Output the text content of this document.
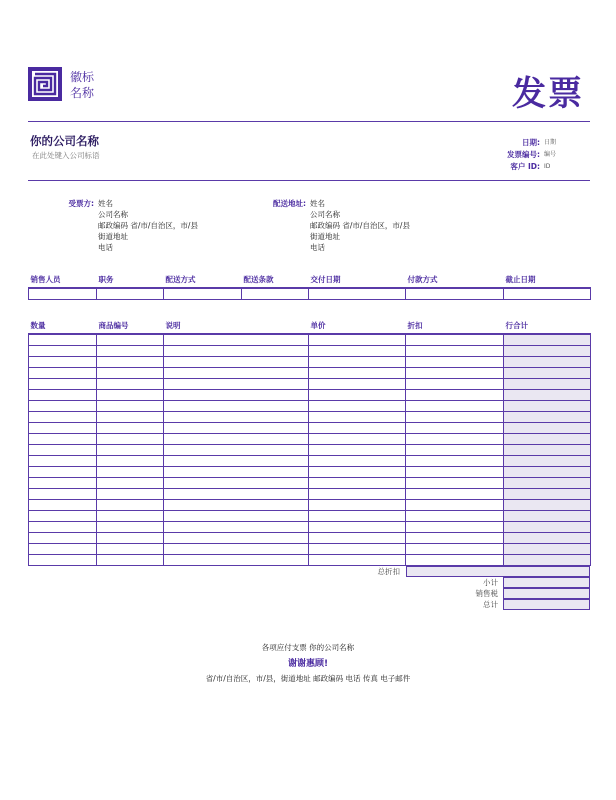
徽标
名称	发票
你的公司名称
在此处键入公司标语
日期: 日期
发票编号: 编号
客户 ID: ID
受票方: 姓名
公司名称
邮政编码 省/市/自治区，市/县
街道地址
电话
配送地址: 姓名
公司名称
邮政编码 省/市/自治区，市/县
街道地址
电话
销售人员	职务	配送方式	配送条款	交付日期	付款方式	截止日期

数量	商品编号	说明	单价	折扣	行合计

总折扣
小计
销售税
总计
各项应付支票 你的公司名称
谢谢惠顾!
省/市/自治区，市/县，街道地址 邮政编码 电话 传真 电子邮件
